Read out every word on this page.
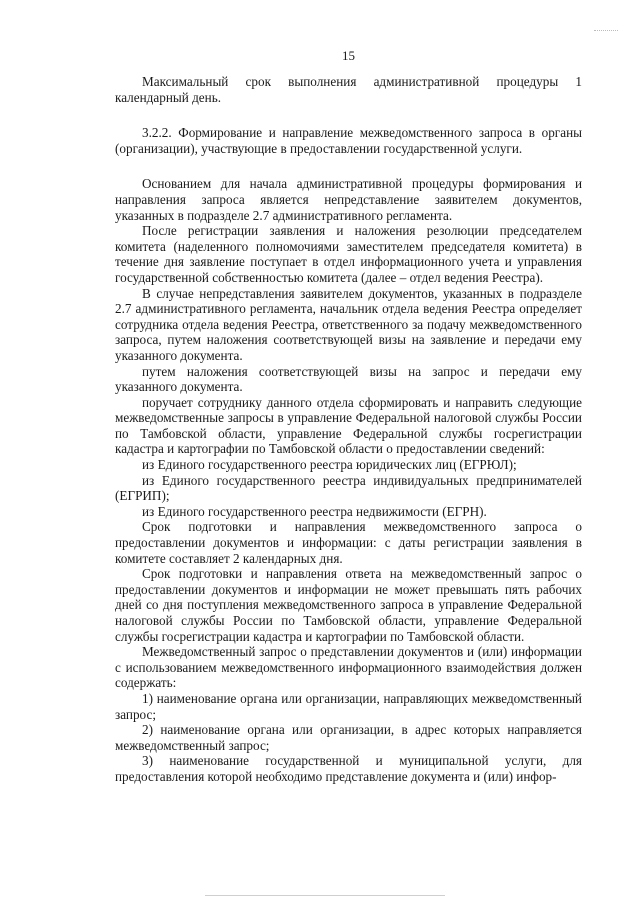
15

Максимальный срок выполнения административной процедуры 1 календарный день.

3.2.2. Формирование и направление межведомственного запроса в органы (организации), участвующие в предоставлении государственной услуги.

Основанием для начала административной процедуры формирования и направления запроса является непредставление заявителем документов, указанных в подразделе 2.7 административного регламента.

После регистрации заявления и наложения резолюции председателем комитета (наделенного полномочиями заместителем председателя комитета) в течение дня заявление поступает в отдел информационного учета и управления государственной собственностью комитета (далее – отдел ведения Реестра).

В случае непредставления заявителем документов, указанных в подразделе 2.7 административного регламента, начальник отдела ведения Реестра определяет сотрудника отдела ведения Реестра, ответственного за подачу межведомственного запроса, путем наложения соответствующей визы на заявление и передачи ему указанного документа.

путем наложения соответствующей визы на запрос и передачи ему указанного документа.

поручает сотруднику данного отдела сформировать и направить следующие межведомственные запросы в управление Федеральной налоговой службы России по Тамбовской области, управление Федеральной службы госрегистрации кадастра и картографии по Тамбовской области о предоставлении сведений:

из Единого государственного реестра юридических лиц (ЕГРЮЛ);

из Единого государственного реестра индивидуальных предпринимателей (ЕГРИП);

из Единого государственного реестра недвижимости (ЕГРН).

Срок подготовки и направления межведомственного запроса о предоставлении документов и информации: с даты регистрации заявления в комитете составляет 2 календарных дня.

Срок подготовки и направления ответа на межведомственный запрос о предоставлении документов и информации не может превышать пять рабочих дней со дня поступления межведомственного запроса в управление Федеральной налоговой службы России по Тамбовской области, управление Федеральной службы госрегистрации кадастра и картографии по Тамбовской области.

Межведомственный запрос о представлении документов и (или) информации с использованием межведомственного информационного взаимодействия должен содержать:

1) наименование органа или организации, направляющих межведомственный запрос;

2) наименование органа или организации, в адрес которых направляется межведомственный запрос;

3) наименование государственной и муниципальной услуги, для предоставления которой необходимо представление документа и (или) инфор-
